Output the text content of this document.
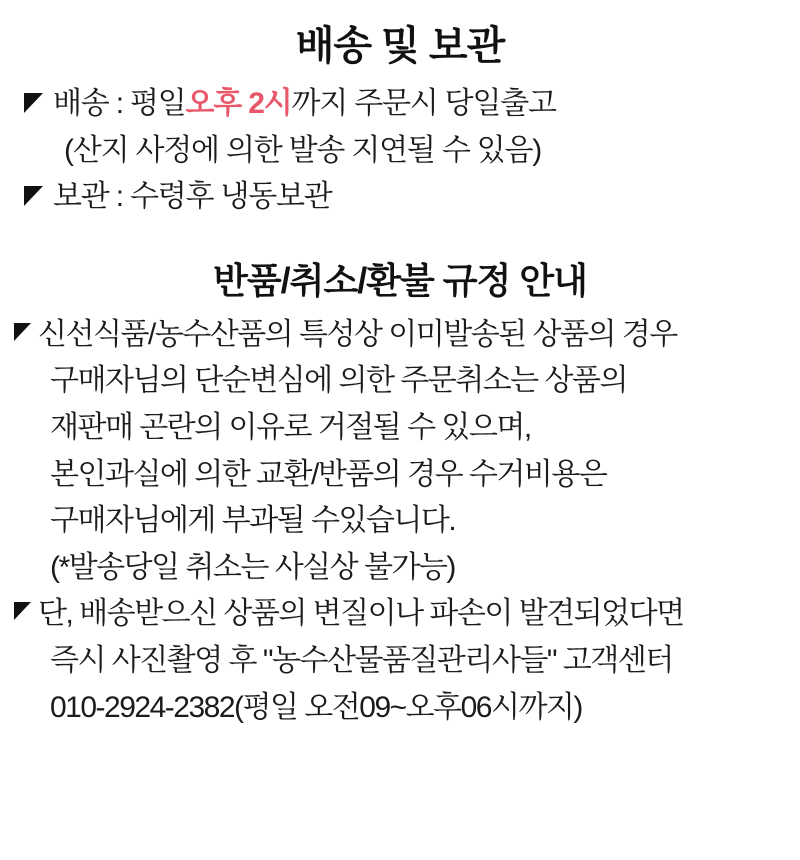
배송 및 보관
배송 : 평일 오후 2시 까지 주문시 당일출고
(산지 사정에 의한 발송 지연될 수 있음)
보관 : 수령후 냉동보관
반품/취소/환불 규정 안내
신선식품/농수산품의 특성상 이미발송된 상품의 경우
구매자님의 단순변심에 의한 주문취소는 상품의
재판매 곤란의 이유로 거절될 수 있으며,
본인과실에 의한 교환/반품의 경우 수거비용은
구매자님에게 부과될 수있습니다.
(*발송당일 취소는 사실상 불가능)
단, 배송받으신 상품의 변질이나 파손이 발견되었다면
즉시 사진촬영 후 "농수산물품질관리사들" 고객센터
010-2924-2382(평일 오전09~오후06시까지)
